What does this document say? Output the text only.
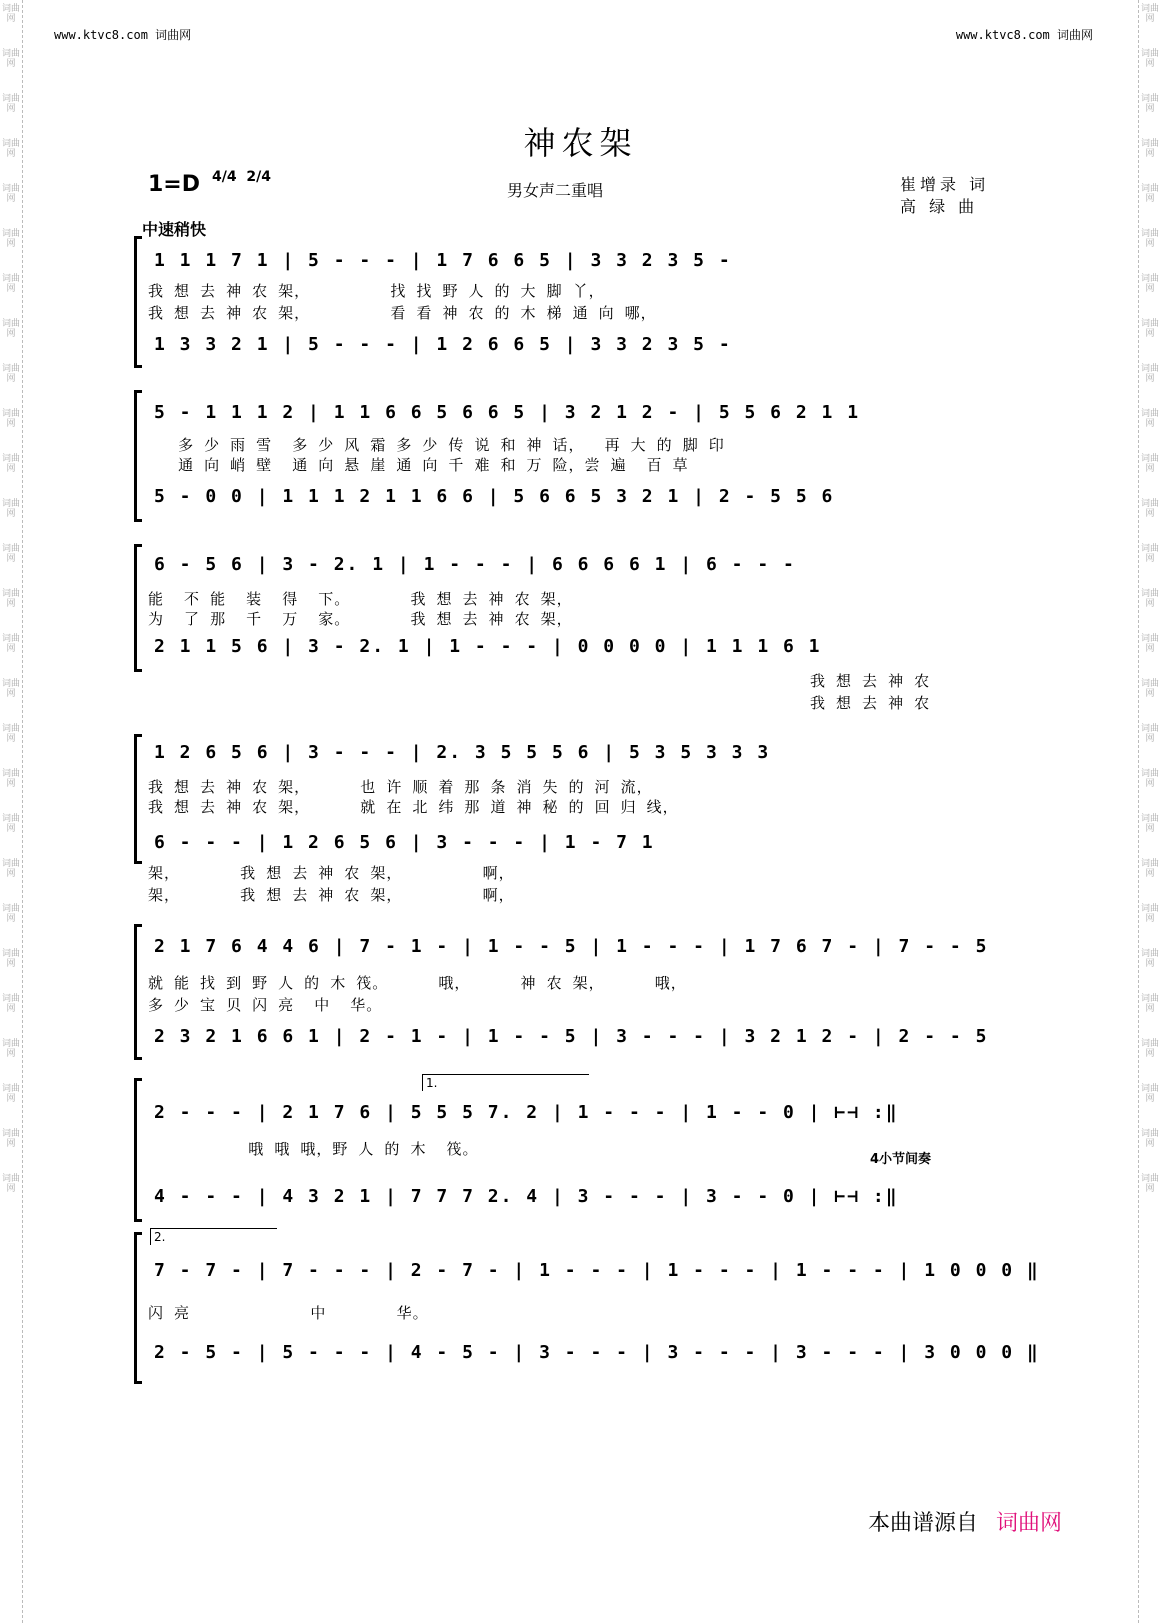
词曲网
词曲网
词曲网
词曲网
词曲网
词曲网
词曲网
词曲网
词曲网
词曲网
词曲网
词曲网
词曲网
词曲网
词曲网
词曲网
词曲网
词曲网
词曲网
词曲网
词曲网
词曲网
词曲网
词曲网
词曲网
词曲网
词曲网
词曲网
词曲网
词曲网
词曲网
词曲网
词曲网
词曲网
词曲网
词曲网
词曲网
词曲网
词曲网
词曲网
词曲网
词曲网
词曲网
词曲网
词曲网
词曲网
词曲网
词曲网
词曲网
词曲网
词曲网
词曲网
词曲网
词曲网
www.ktvc8.com 词曲网	www.ktvc8.com 词曲网
神农架
1=D 4/4 2/4
男女声二重唱	崔增录 词
高 绿 曲
中速稍快
1 1 1 7 1 | 5 - - - | 1 7 6 6 5 | 3 3 2 3 5 -
我 想 去 神 农 架，        找 找 野 人 的 大 脚 丫，
我 想 去 神 农 架，        看 看 神 农 的 木 梯 通 向 哪，
1 3 3 2 1 | 5 - - - | 1 2 6 6 5 | 3 3 2 3 5 -
5 - 1 1 1 2 | 1 1 6 6 5 6 6 5 | 3 2 1 2 - | 5 5 6 2 1 1
多 少 雨 雪  多 少 风 霜 多 少 传 说 和 神 话，  再 大 的 脚 印
通 向 峭 壁  通 向 悬 崖 通 向 千 难 和 万 险，尝 遍  百 草
5 - 0 0 | 1 1 1 2 1 1 6 6 | 5 6 6 5 3 2 1 | 2 - 5 5 6
6 - 5 6 | 3 - 2. 1 | 1 - - - | 6 6 6 6 1 | 6 - - -
能  不 能  装  得  下。      我 想 去 神 农 架，
为  了 那  千  万  家。      我 想 去 神 农 架，
2 1 1 5 6 | 3 - 2. 1 | 1 - - - | 0 0 0 0 | 1 1 1 6 1
我 想 去 神 农
我 想 去 神 农
1 2 6 5 6 | 3 - - - | 2. 3 5 5 5 6 | 5 3 5 3 3 3
我 想 去 神 农 架，     也 许 顺 着 那 条 消 失 的 河 流，
我 想 去 神 农 架，     就 在 北 纬 那 道 神 秘 的 回 归 线，
6 - - - | 1 2 6 5 6 | 3 - - - | 1 - 7 1
架，      我 想 去 神 农 架，        啊，
架，      我 想 去 神 农 架，        啊，
2 1 7 6 4 4 6 | 7 - 1 - | 1 - - 5 | 1 - - - | 1 7 6 7 - | 7 - - 5
就 能 找 到 野 人 的 木 筏。     哦，     神 农 架，     哦，
多 少 宝 贝 闪 亮  中  华。
2 3 2 1 6 6 1 | 2 - 1 - | 1 - - 5 | 3 - - - | 3 2 1 2 - | 2 - - 5
1.
2 - - - | 2 1 7 6 | 5 5 5 7. 2 | 1 - - - | 1 - - 0 | ⊢⊣ :‖
哦 哦 哦，野 人 的 木  筏。
4小节间奏
4 - - - | 4 3 2 1 | 7 7 7 2. 4 | 3 - - - | 3 - - 0 | ⊢⊣ :‖
2.
7 - 7 - | 7 - - - | 2 - 7 - | 1 - - - | 1 - - - | 1 - - - | 1 0 0 0 ‖
闪 亮            中       华。
2 - 5 - | 5 - - - | 4 - 5 - | 3 - - - | 3 - - - | 3 - - - | 3 0 0 0 ‖
本曲谱源自 词曲网
